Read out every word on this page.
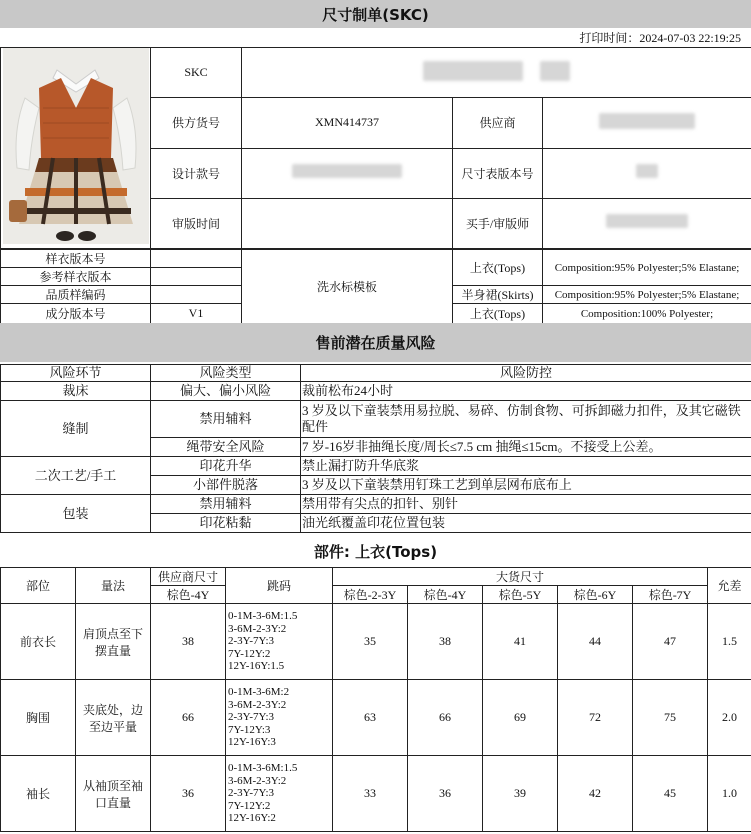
尺寸制单(SKC)
打印时间：2024-07-03 22:19:25
	SKC			
	供方货号	XMN414737	供应商	
	设计款号		尺寸表版本号	
	审版时间		买手/审版师	
样衣版本号		洗水标模板	上衣(Tops)	Composition:95% Polyester;5% Elastane;
参考样衣版本				
品质样编码			半身裙(Skirts)	Composition:95% Polyester;5% Elastane;
成分版本号	V1		上衣(Tops)	Composition:100% Polyester;
售前潜在质量风险
风险环节	风险类型	风险防控
裁床	偏大、偏小风险	裁前松布24小时
缝制	禁用辅料	3 岁及以下童装禁用易拉脱、易碎、仿制食物、可拆卸磁力扣件，及其它磁铁配件
	绳带安全风险	7 岁-16岁非抽绳长度/周长≤7.5 cm 抽绳≤15cm。不接受上公差。
二次工艺/手工	印花升华	禁止漏打防升华底浆
	小部件脱落	3 岁及以下童装禁用钉珠工艺到单层网布底布上
包装	禁用辅料	禁用带有尖点的扣针、别针
	印花粘黏	油光纸覆盖印花位置包装
部件: 上衣(Tops)
部位	量法	供应商尺寸	跳码	大货尺寸					允差
		棕色-4Y		棕色-2-3Y	棕色-4Y	棕色-5Y	棕色-6Y	棕色-7Y	
前衣长	肩顶点至下摆直量	38	0-1M-3-6M:1.5
3-6M-2-3Y:2
2-3Y-7Y:3
7Y-12Y:2
12Y-16Y:1.5	35	38	41	44	47	1.5
胸围	夹底处，边至边平量	66	0-1M-3-6M:2
3-6M-2-3Y:2
2-3Y-7Y:3
7Y-12Y:3
12Y-16Y:3	63	66	69	72	75	2.0
袖长	从袖顶至袖口直量	36	0-1M-3-6M:1.5
3-6M-2-3Y:2
2-3Y-7Y:3
7Y-12Y:2
12Y-16Y:2	33	36	39	42	45	1.0
